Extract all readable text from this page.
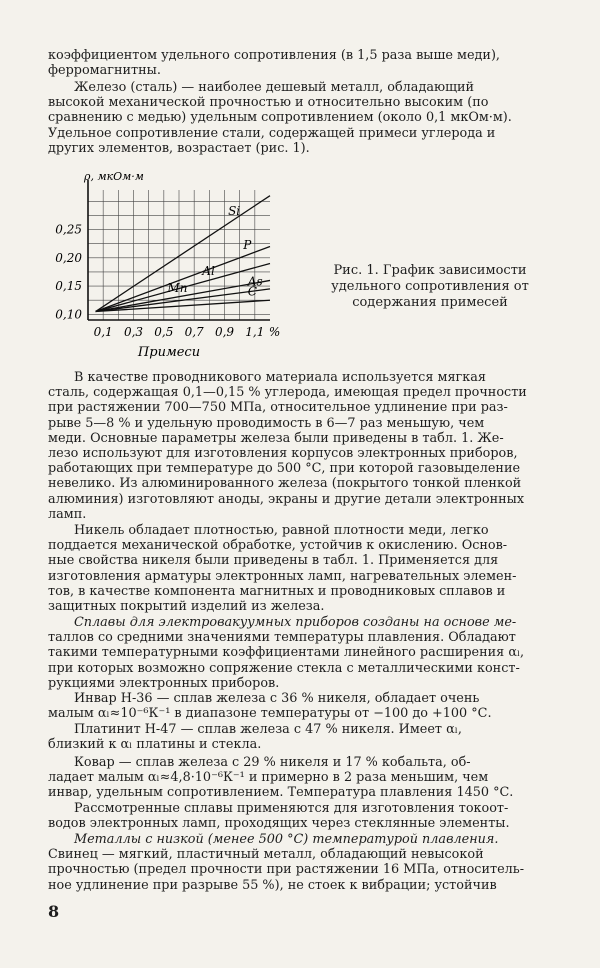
коэффициентом удельного сопротивления (в 1,5 раза выше меди),
ферромагнитны.
Железо (сталь) — наиболее дешевый металл, обладающий
высокой механической прочностью и относительно высоким (по
сравнению с медью) удельным сопротивлением (около 0,1 мкОм·м).
Удельное сопротивление стали, содержащей примеси углерода и
других элементов, возрастает (рис. 1).
0,10
0,15
0,20
0,25
0,1 0,3 0,5 0,7 0,9 1,1 %
ρ, мкОм·м
Примеси
Si
P
Al
Mn	As
C
Рис. 1. График зависимости
удельного сопротивления от
содержания примесей
В качестве проводникового материала используется мягкая
сталь, содержащая 0,1—0,15 % углерода, имеющая предел прочности
при растяжении 700—750 МПа, относительное удлинение при раз-
рыве 5—8 % и удельную проводимость в 6—7 раз меньшую, чем
меди. Основные параметры железа были приведены в табл. 1. Же-
лезо используют для изготовления корпусов электронных приборов,
работающих при температуре до 500 °С, при которой газовыделение
невелико. Из алюминированного железа (покрытого тонкой пленкой
алюминия) изготовляют аноды, экраны и другие детали электронных
ламп.
Никель обладает плотностью, равной плотности меди, легко
поддается механической обработке, устойчив к окислению. Основ-
ные свойства никеля были приведены в табл. 1. Применяется для
изготовления арматуры электронных ламп, нагревательных элемен-
тов, в качестве компонента магнитных и проводниковых сплавов и
защитных покрытий изделий из железа.
Сплавы для электровакуумных приборов созданы на основе ме-
таллов со средними значениями температуры плавления. Обладают
такими температурными коэффициентами линейного расширения αₗ,
при которых возможно сопряжение стекла с металлическими конст-
рукциями электронных приборов.
Инвар Н-36 — сплав железа с 36 % никеля, обладает очень
малым αₗ≈10⁻⁶К⁻¹ в диапазоне температуры от −100 до +100 °С.
Платинит Н-47 — сплав железа с 47 % никеля. Имеет αₗ,
близкий к αₗ платины и стекла.
Ковар — сплав железа с 29 % никеля и 17 % кобальта, об-
ладает малым αₗ≈4,8·10⁻⁶К⁻¹ и примерно в 2 раза меньшим, чем
инвар, удельным сопротивлением. Температура плавления 1450 °С.
Рассмотренные сплавы применяются для изготовления токоот-
водов электронных ламп, проходящих через стеклянные элементы.
Металлы с низкой (менее 500 °С) температурой плавления.
Свинец — мягкий, пластичный металл, обладающий невысокой
прочностью (предел прочности при растяжении 16 МПа, относитель-
ное удлинение при разрыве 55 %), не стоек к вибрации; устойчив
8
